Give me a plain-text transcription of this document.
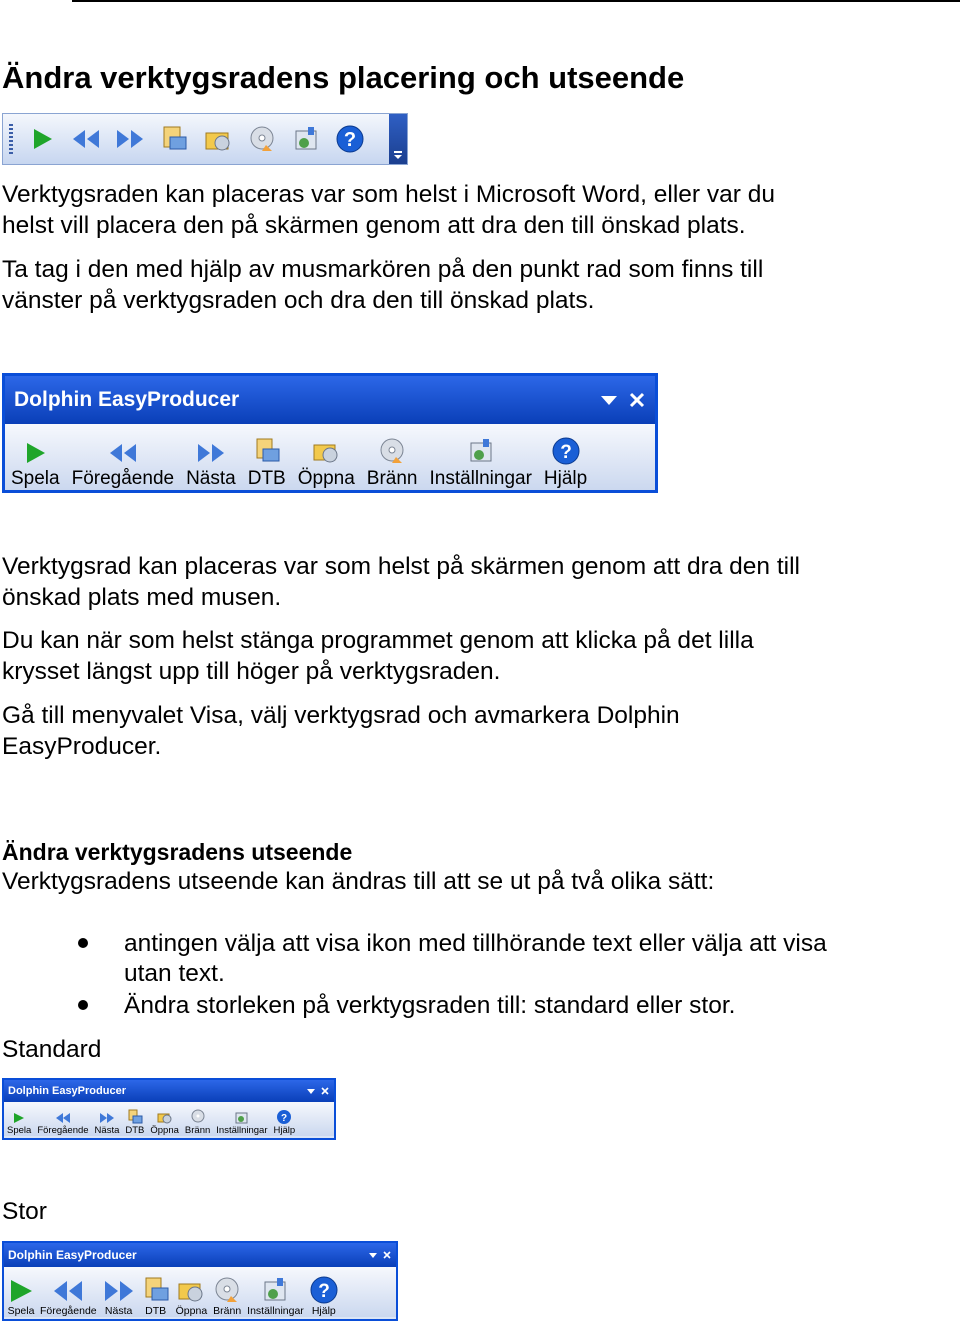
Ändra verktygsradens placering och utseende
?
Verktygsraden kan placeras var som helst i Microsoft Word, eller var du
helst vill placera den på skärmen genom att dra den till önskad plats.
Ta tag i den med hjälp av musmarkören på den punkt rad som finns till
vänster på verktygsraden och dra den till önskad plats.
Dolphin EasyProducer
Spela Föregående Nästa DTB Öppna Bränn Inställningar
?
Hjälp
Verktygsrad kan placeras var som helst på skärmen genom att dra den till
önskad plats med musen.
Du kan när som helst stänga programmet genom att klicka på det lilla
krysset längst upp till höger på verktygsraden.
Gå till menyvalet Visa, välj verktygsrad och avmarkera Dolphin
EasyProducer.
Ändra verktygsradens utseende
Verktygsradens utseende kan ändras till att se ut på två olika sätt:
antingen välja att visa ikon med tillhörande text eller välja att visa
utan text.
Ändra storleken på verktygsraden till: standard eller stor.
Standard
Dolphin EasyProducer
Spela Föregående Nästa DTB Öppna Bränn Inställningar
?
Hjälp
Stor
Dolphin EasyProducer
Spela Föregående Nästa DTB Öppna Bränn Inställningar
?
Hjälp
